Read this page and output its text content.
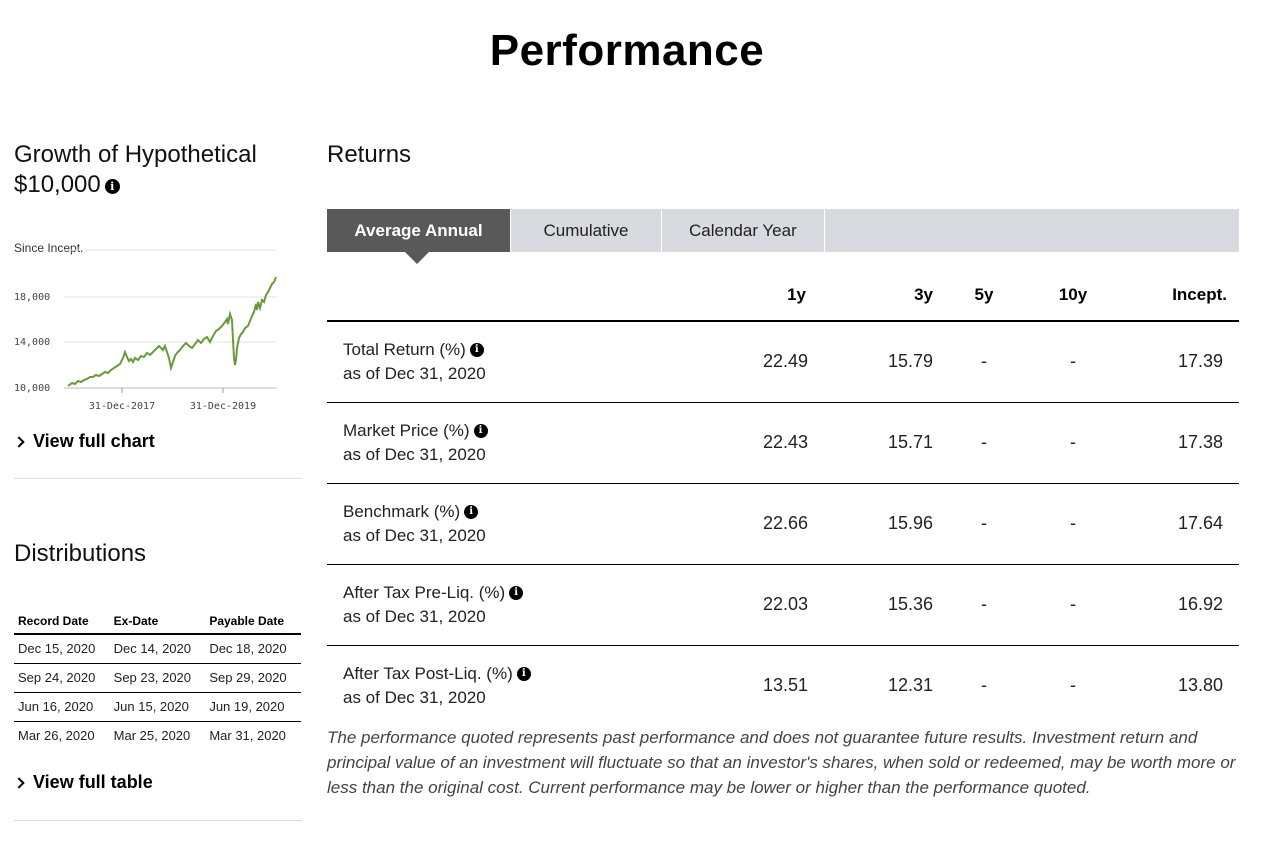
Performance
Growth of Hypothetical
$10,000 i
Since Incept.
18,000
14,000
10,000
31-Dec-2017	31-Dec-2019
View full chart
Distributions
Record Date	Ex-Date	Payable Date
Dec 15, 2020	Dec 14, 2020	Dec 18, 2020
Sep 24, 2020	Sep 23, 2020	Sep 29, 2020
Jun 16, 2020	Jun 15, 2020	Jun 19, 2020
Mar 26, 2020	Mar 25, 2020	Mar 31, 2020
View full table
Returns
Average Annual	Cumulative	Calendar Year
	1y	3y	5y	10y	Incept.
Total Return (%) i
as of Dec 31, 2020	22.49	15.79	-	-	17.39
Market Price (%) i
as of Dec 31, 2020	22.43	15.71	-	-	17.38
Benchmark (%) i
as of Dec 31, 2020	22.66	15.96	-	-	17.64
After Tax Pre-Liq. (%) i
as of Dec 31, 2020	22.03	15.36	-	-	16.92
After Tax Post-Liq. (%) i
as of Dec 31, 2020	13.51	12.31	-	-	13.80

The performance quoted represents past performance and does not guarantee future results. Investment return and principal value of an investment will fluctuate so that an investor's shares, when sold or redeemed, may be worth more or less than the original cost. Current performance may be lower or higher than the performance quoted.
